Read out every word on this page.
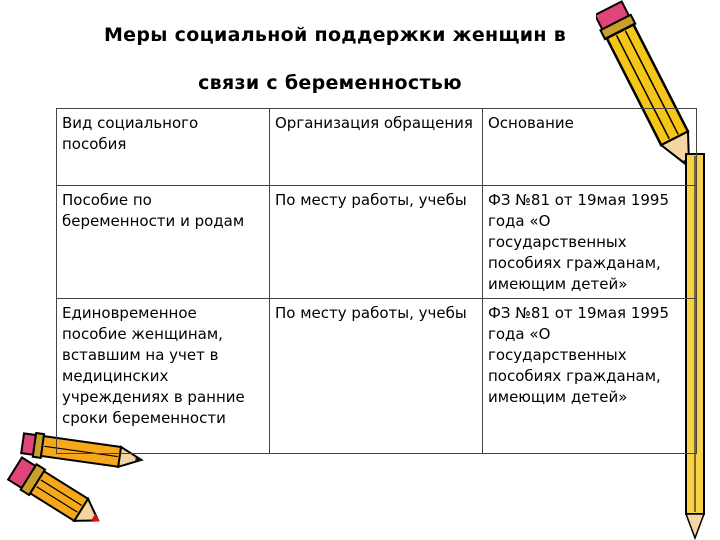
Меры социальной поддержки женщин в
связи с беременностью
Вид социального пособия	Организация обращения	Основание

Пособие по беременности и родам	По месту работы, учебы	ФЗ №81 от 19мая 1995 года «О государственных пособиях гражданам, имеющим детей»

Единовременное пособие женщинам, вставшим на учет в медицинских учреждениях в ранние сроки беременности	По месту работы, учебы	ФЗ №81 от 19мая 1995 года «О государственных пособиях гражданам, имеющим детей»
